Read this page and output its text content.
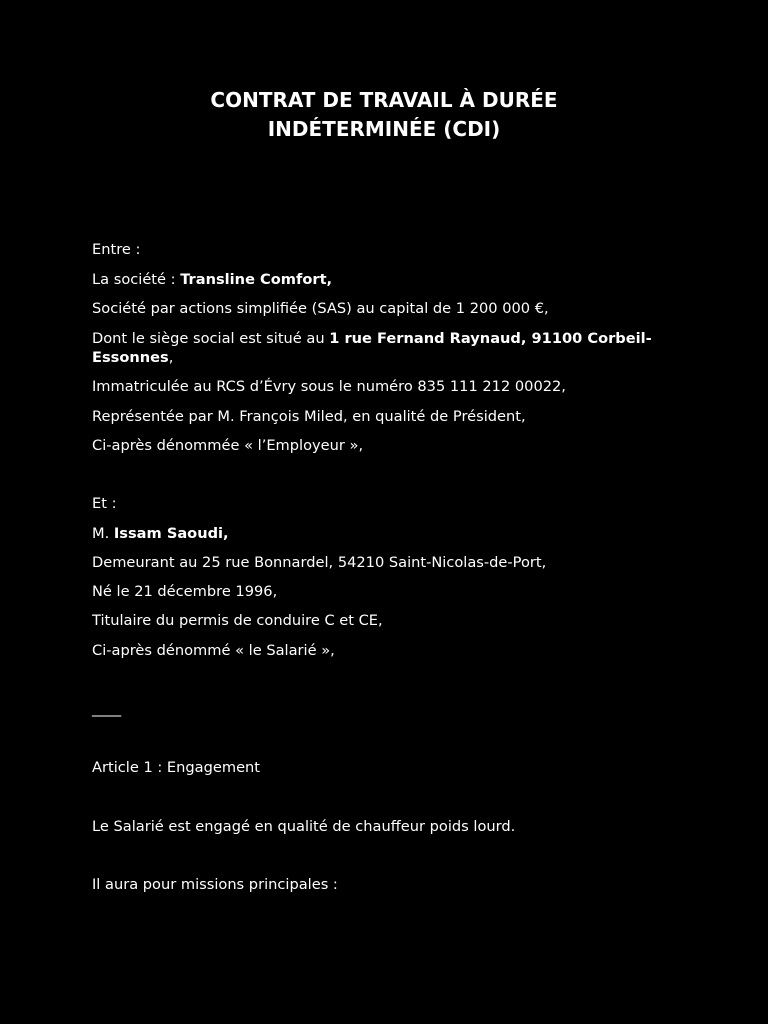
CONTRAT DE TRAVAIL À DURÉE
INDÉTERMINÉE (CDI)

Entre :

La société : Transline Comfort,

Société par actions simplifiée (SAS) au capital de 1 200 000 €,

Dont le siège social est situé au 1 rue Fernand Raynaud, 91100 Corbeil-Essonnes,

Immatriculée au RCS d’Évry sous le numéro 835 111 212 00022,

Représentée par M. François Miled, en qualité de Président,

Ci-après dénommée « l’Employeur »,

Et :

M. Issam Saoudi,

Demeurant au 25 rue Bonnardel, 54210 Saint-Nicolas-de-Port,

Né le 21 décembre 1996,

Titulaire du permis de conduire C et CE,

Ci-après dénommé « le Salarié »,

____

Article 1 : Engagement

Le Salarié est engagé en qualité de chauffeur poids lourd.

Il aura pour missions principales :
